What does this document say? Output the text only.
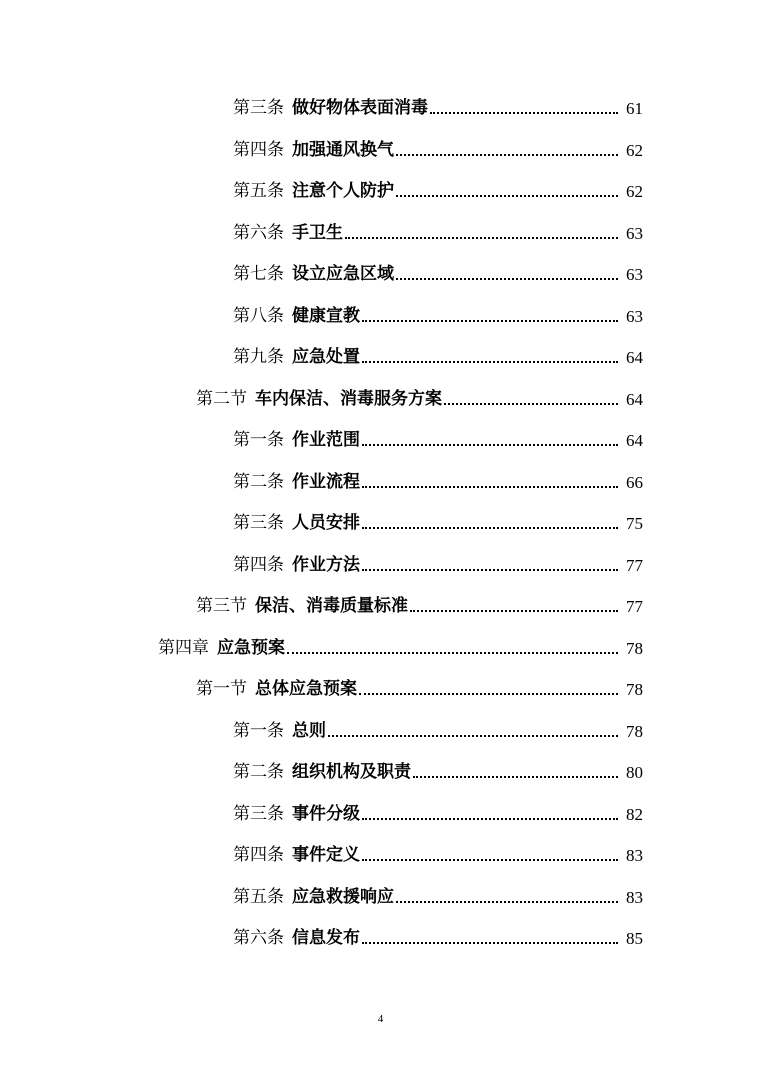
第三条 做好物体表面消毒	61
第四条 加强通风换气	62
第五条 注意个人防护	62
第六条 手卫生	63
第七条 设立应急区域	63
第八条 健康宣教	63
第九条 应急处置	64
第二节 车内保洁、消毒服务方案	64
第一条 作业范围	64
第二条 作业流程	66
第三条 人员安排	75
第四条 作业方法	77
第三节 保洁、消毒质量标准	77
第四章 应急预案	78
第一节 总体应急预案	78
第一条 总则	78
第二条 组织机构及职责	80
第三条 事件分级	82
第四条 事件定义	83
第五条 应急救援响应	83
第六条 信息发布	85
4
